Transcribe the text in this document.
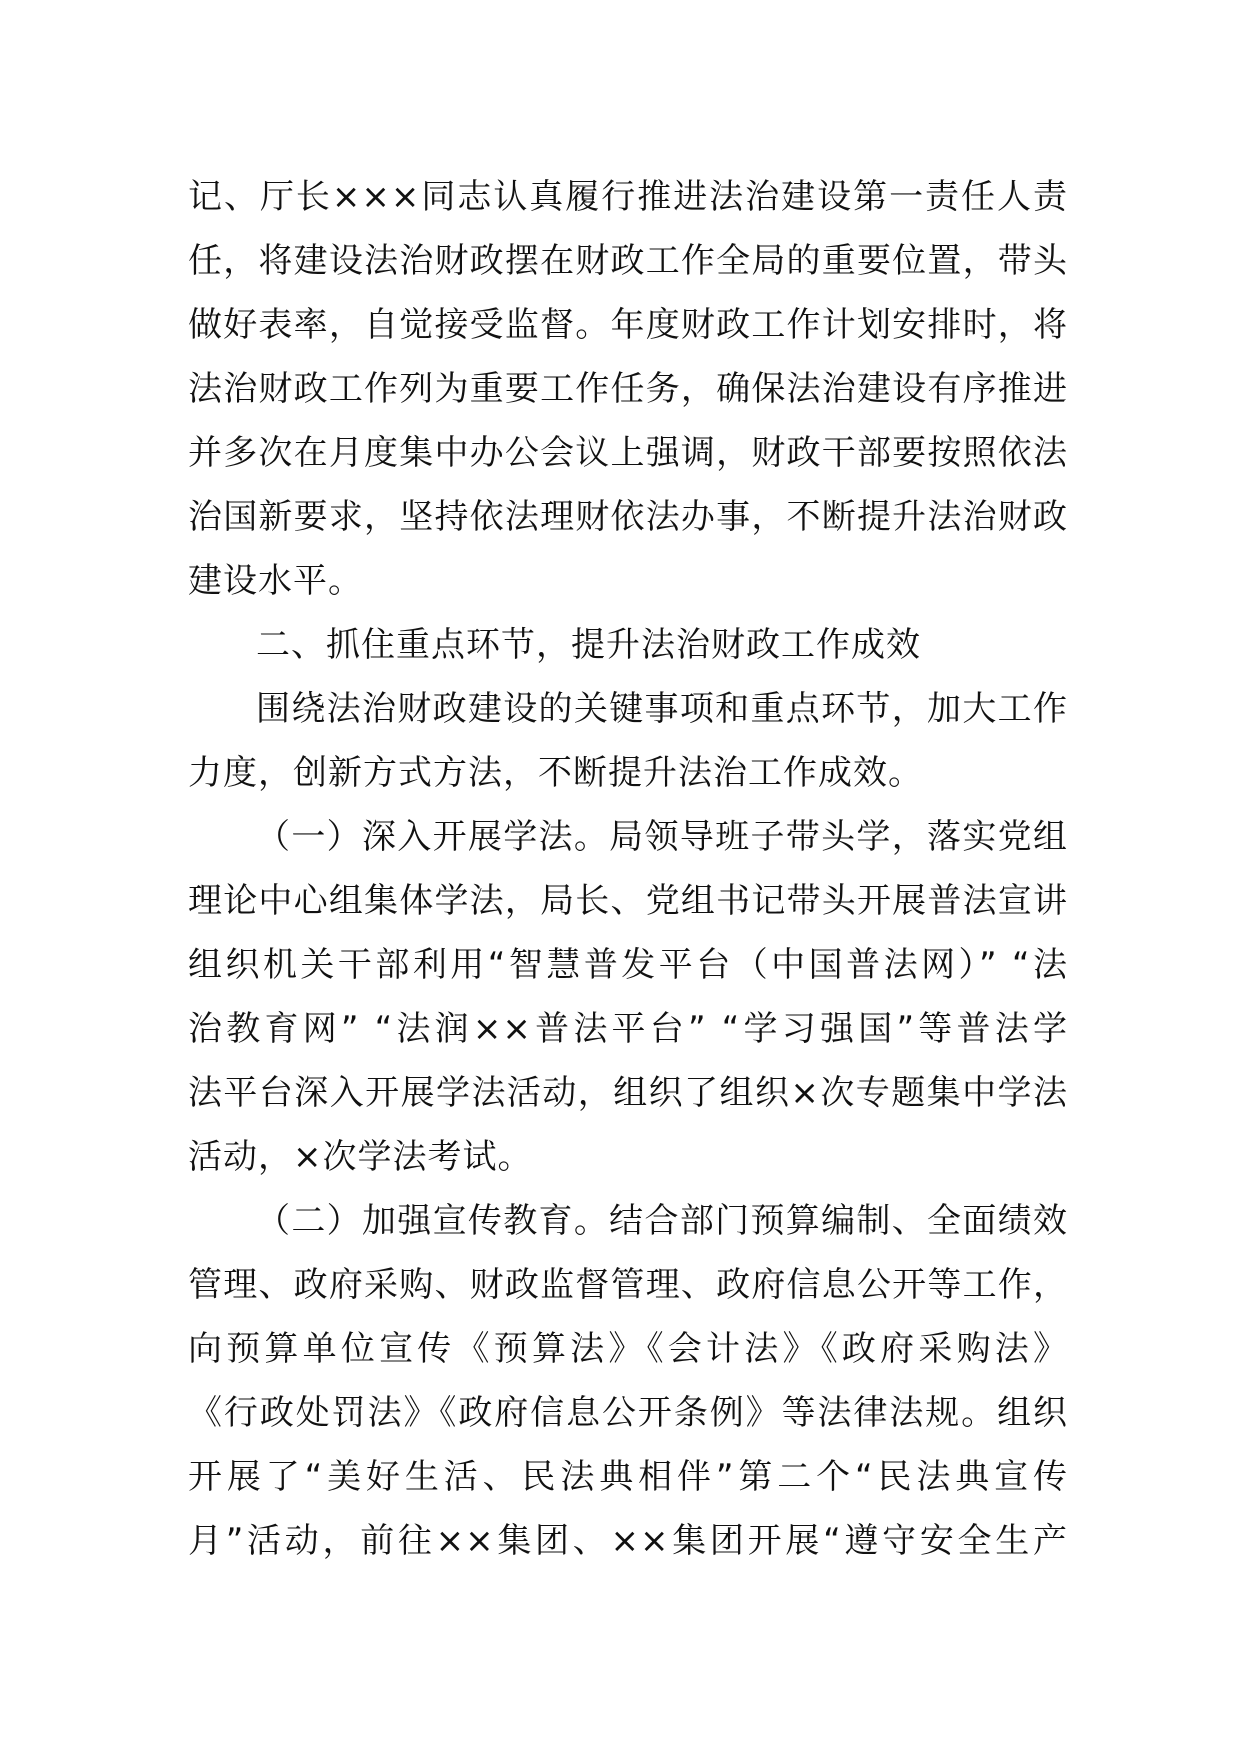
记、厅长×××同志认真履行推进法治建设第一责任人责
任，将建设法治财政摆在财政工作全局的重要位置，带头
做好表率，自觉接受监督。年度财政工作计划安排时，将
法治财政工作列为重要工作任务，确保法治建设有序推进
并多次在月度集中办公会议上强调，财政干部要按照依法
治国新要求，坚持依法理财依法办事，不断提升法治财政
建设水平。
二、抓住重点环节，提升法治财政工作成效
围绕法治财政建设的关键事项和重点环节，加大工作
力度，创新方式方法，不断提升法治工作成效。
（一）深入开展学法。局领导班子带头学，落实党组
理论中心组集体学法，局长、党组书记带头开展普法宣讲
组织机关干部利用“智慧普发平台（中国普法网）” “法
治教育网” “法润××普法平台” “学习强国”等普法学
法平台深入开展学法活动，组织了组织×次专题集中学法
活动，×次学法考试。
（二）加强宣传教育。结合部门预算编制、全面绩效
管理、政府采购、财政监督管理、政府信息公开等工作，
向预算单位宣传《预算法》《会计法》《政府采购法》
《行政处罚法》《政府信息公开条例》等法律法规。组织
开展了“美好生活、民法典相伴”第二个“民法典宣传
月”活动，前往××集团、××集团开展“遵守安全生产
